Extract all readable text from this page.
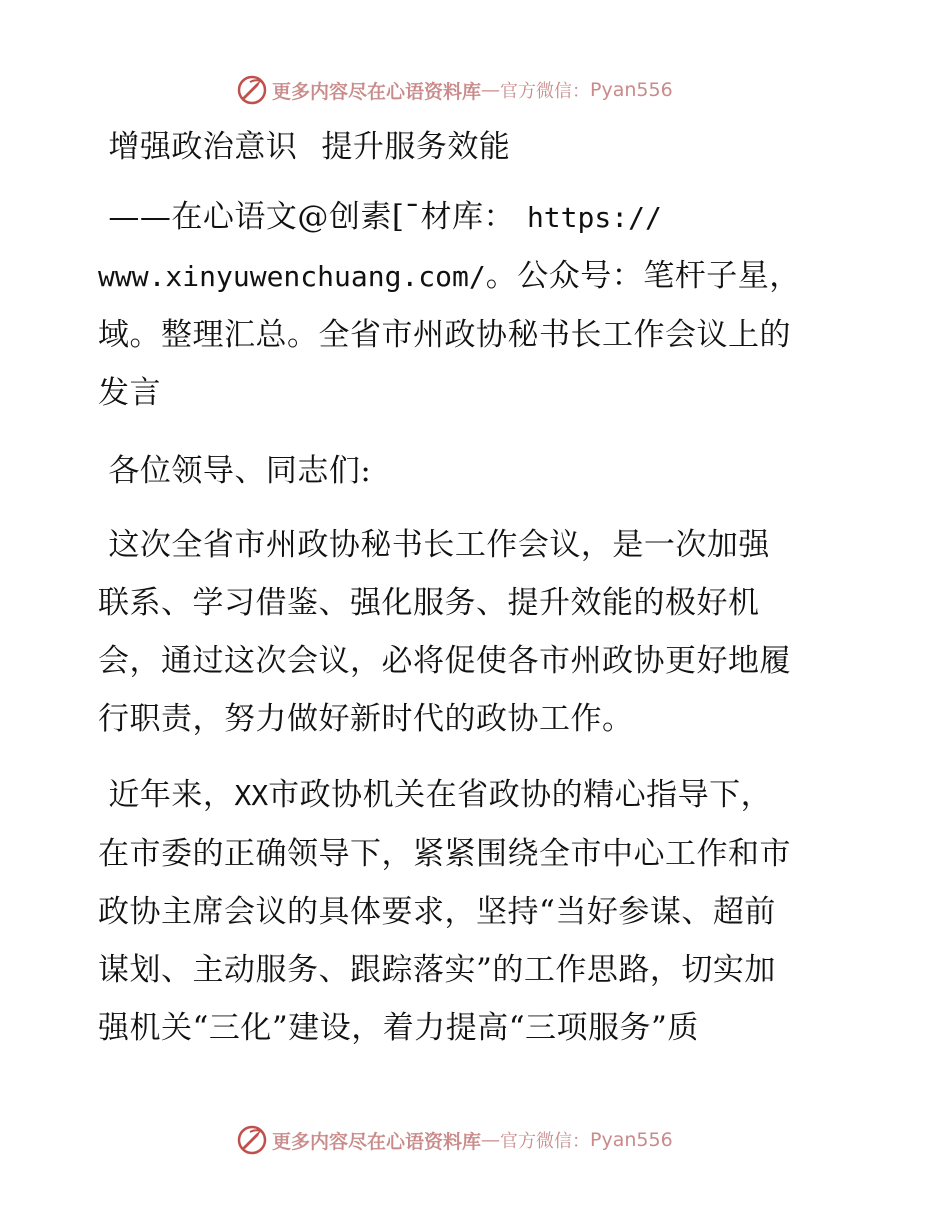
更多内容尽在心语资料库 — 官方微信： Pyan556

增强政治意识 提升服务效能

——在心语文@创素[¯材库： https://
www.xinyuwenchuang.com/。公众号：笔杆子星，
域。整理汇总。全省市州政协秘书长工作会议上的
发言

各位领导、同志们:

这次全省市州政协秘书长工作会议，是一次加强
联系、学习借鉴、强化服务、提升效能的极好机
会，通过这次会议，必将促使各市州政协更好地履
行职责，努力做好新时代的政协工作。
近年来，XX市政协机关在省政协的精心指导下，
在市委的正确领导下，紧紧围绕全市中心工作和市
政协主席会议的具体要求，坚持“当好参谋、超前
谋划、主动服务、跟踪落实”的工作思路，切实加
强机关“三化”建设，着力提高“三项服务”质
更多内容尽在心语资料库 — 官方微信： Pyan556
